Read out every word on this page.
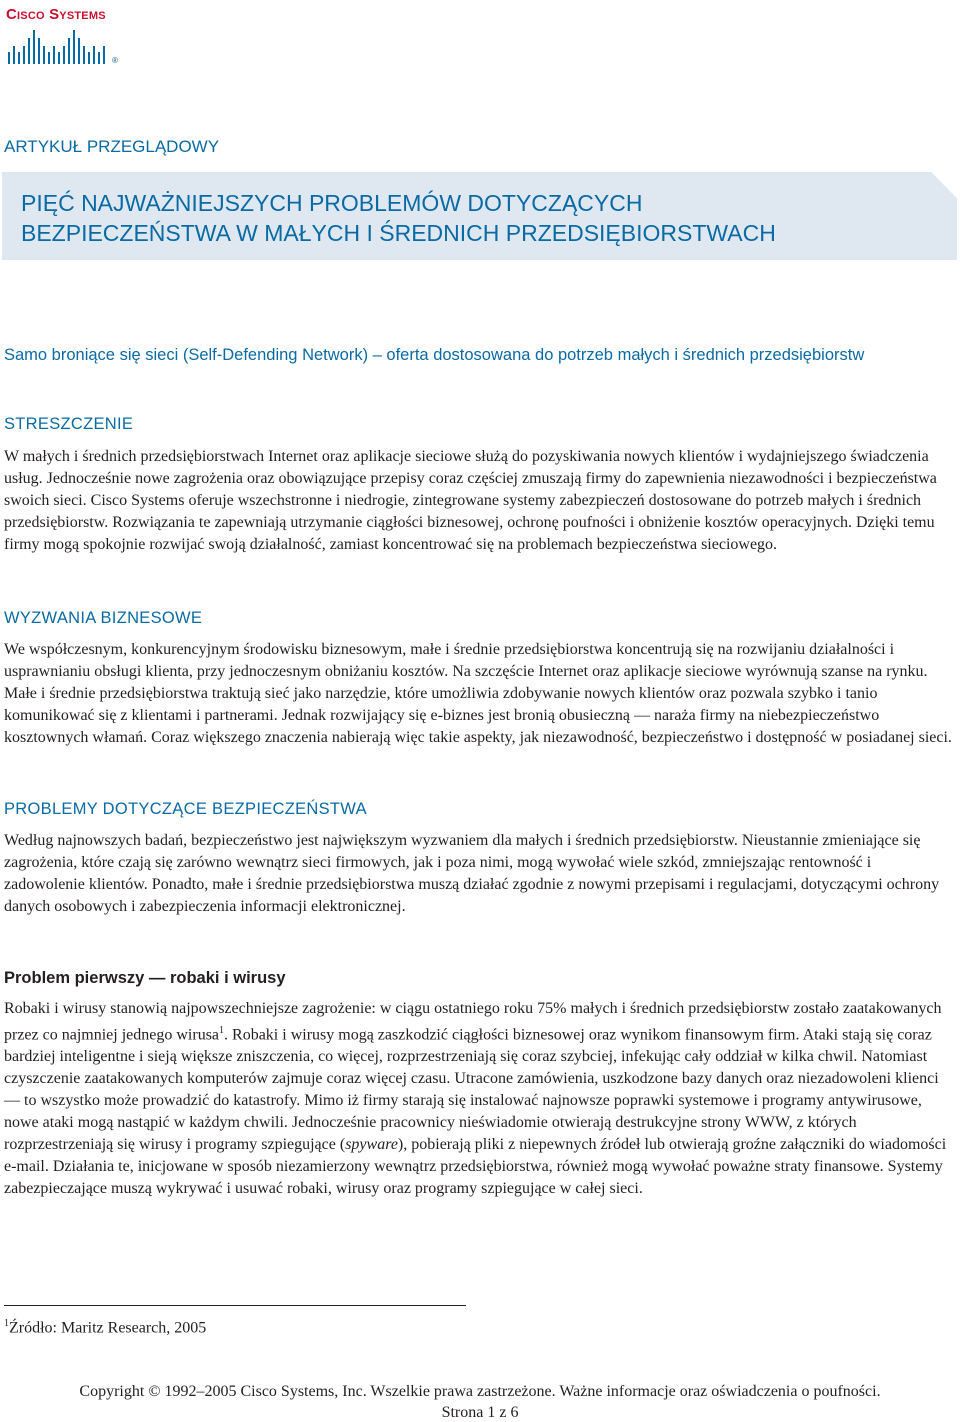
Cisco Systems
®
ARTYKUŁ PRZEGLĄDOWY
PIĘĆ NAJWAŻNIEJSZYCH PROBLEMÓW DOTYCZĄCYCH
BEZPIECZEŃSTWA W MAŁYCH I ŚREDNICH PRZEDSIĘBIORSTWACH

Samo broniące się sieci (Self-Defending Network) – oferta dostosowana do potrzeb małych i średnich przedsiębiorstw

STRESZCZENIE

W małych i średnich przedsiębiorstwach Internet oraz aplikacje sieciowe służą do pozyskiwania nowych klientów i wydajniejszego świadczenia usług. Jednocześnie nowe zagrożenia oraz obowiązujące przepisy coraz częściej zmuszają firmy do zapewnienia niezawodności i bezpieczeństwa swoich sieci. Cisco Systems oferuje wszechstronne i niedrogie, zintegrowane systemy zabezpieczeń dostosowane do potrzeb małych i średnich przedsiębiorstw. Rozwiązania te zapewniają utrzymanie ciągłości biznesowej, ochronę poufności i obniżenie kosztów operacyjnych. Dzięki temu firmy mogą spokojnie rozwijać swoją działalność, zamiast koncentrować się na problemach bezpieczeństwa sieciowego.

WYZWANIA BIZNESOWE

We współczesnym, konkurencyjnym środowisku biznesowym, małe i średnie przedsiębiorstwa koncentrują się na rozwijaniu działalności i usprawnianiu obsługi klienta, przy jednoczesnym obniżaniu kosztów. Na szczęście Internet oraz aplikacje sieciowe wyrównują szanse na rynku. Małe i średnie przedsiębiorstwa traktują sieć jako narzędzie, które umożliwia zdobywanie nowych klientów oraz pozwala szybko i tanio komunikować się z klientami i partnerami. Jednak rozwijający się e-biznes jest bronią obusieczną — naraża firmy na niebezpieczeństwo kosztownych włamań. Coraz większego znaczenia nabierają więc takie aspekty, jak niezawodność, bezpieczeństwo i dostępność w posiadanej sieci.

PROBLEMY DOTYCZĄCE BEZPIECZEŃSTWA

Według najnowszych badań, bezpieczeństwo jest największym wyzwaniem dla małych i średnich przedsiębiorstw. Nieustannie zmieniające się zagrożenia, które czają się zarówno wewnątrz sieci firmowych, jak i poza nimi, mogą wywołać wiele szkód, zmniejszając rentowność i zadowolenie klientów. Ponadto, małe i średnie przedsiębiorstwa muszą działać zgodnie z nowymi przepisami i regulacjami, dotyczącymi ochrony danych osobowych i zabezpieczenia informacji elektronicznej.

Problem pierwszy — robaki i wirusy

Robaki i wirusy stanowią najpowszechniejsze zagrożenie: w ciągu ostatniego roku 75% małych i średnich przedsiębiorstw zostało zaatakowanych przez co najmniej jednego wirusa$^1$. Robaki i wirusy mogą zaszkodzić ciągłości biznesowej oraz wynikom finansowym firm. Ataki stają się coraz bardziej inteligentne i sieją większe zniszczenia, co więcej, rozprzestrzeniają się coraz szybciej, infekując cały oddział w kilka chwil. Natomiast czyszczenie zaatakowanych komputerów zajmuje coraz więcej czasu. Utracone zamówienia, uszkodzone bazy danych oraz niezadowoleni klienci — to wszystko może prowadzić do katastrofy. Mimo iż firmy starają się instalować najnowsze poprawki systemowe i programy antywirusowe, nowe ataki mogą nastąpić w każdym chwili. Jednocześnie pracownicy nieświadomie otwierają destrukcyjne strony WWW, z których rozprzestrzeniają się wirusy i programy szpiegujące (spyware), pobierają pliki z niepewnych źródeł lub otwierają groźne załączniki do wiadomości e-mail. Działania te, inicjowane w sposób niezamierzony wewnątrz przedsiębiorstwa, również mogą wywołać poważne straty finansowe. Systemy zabezpieczające muszą wykrywać i usuwać robaki, wirusy oraz programy szpiegujące w całej sieci.

$^1$Źródło: Maritz Research, 2005

Copyright © 1992–2005 Cisco Systems, Inc. Wszelkie prawa zastrzeżone. Ważne informacje oraz oświadczenia o poufności.

Strona 1 z 6
